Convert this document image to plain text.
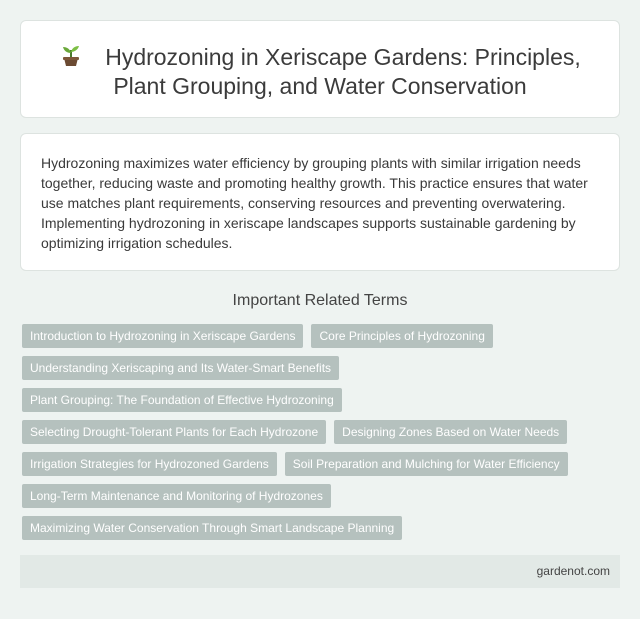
Hydrozoning in Xeriscape Gardens: Principles, Plant Grouping, and Water Conservation

Hydrozoning maximizes water efficiency by grouping plants with similar irrigation needs together, reducing waste and promoting healthy growth. This practice ensures that water use matches plant requirements, conserving resources and preventing overwatering. Implementing hydrozoning in xeriscape landscapes supports sustainable gardening by optimizing irrigation schedules.

Important Related Terms
Introduction to Hydrozoning in Xeriscape Gardens	Core Principles of Hydrozoning
Understanding Xeriscaping and Its Water-Smart Benefits
Plant Grouping: The Foundation of Effective Hydrozoning
Selecting Drought-Tolerant Plants for Each Hydrozone	Designing Zones Based on Water Needs
Irrigation Strategies for Hydrozoned Gardens	Soil Preparation and Mulching for Water Efficiency
Long-Term Maintenance and Monitoring of Hydrozones
Maximizing Water Conservation Through Smart Landscape Planning
gardenot.com
